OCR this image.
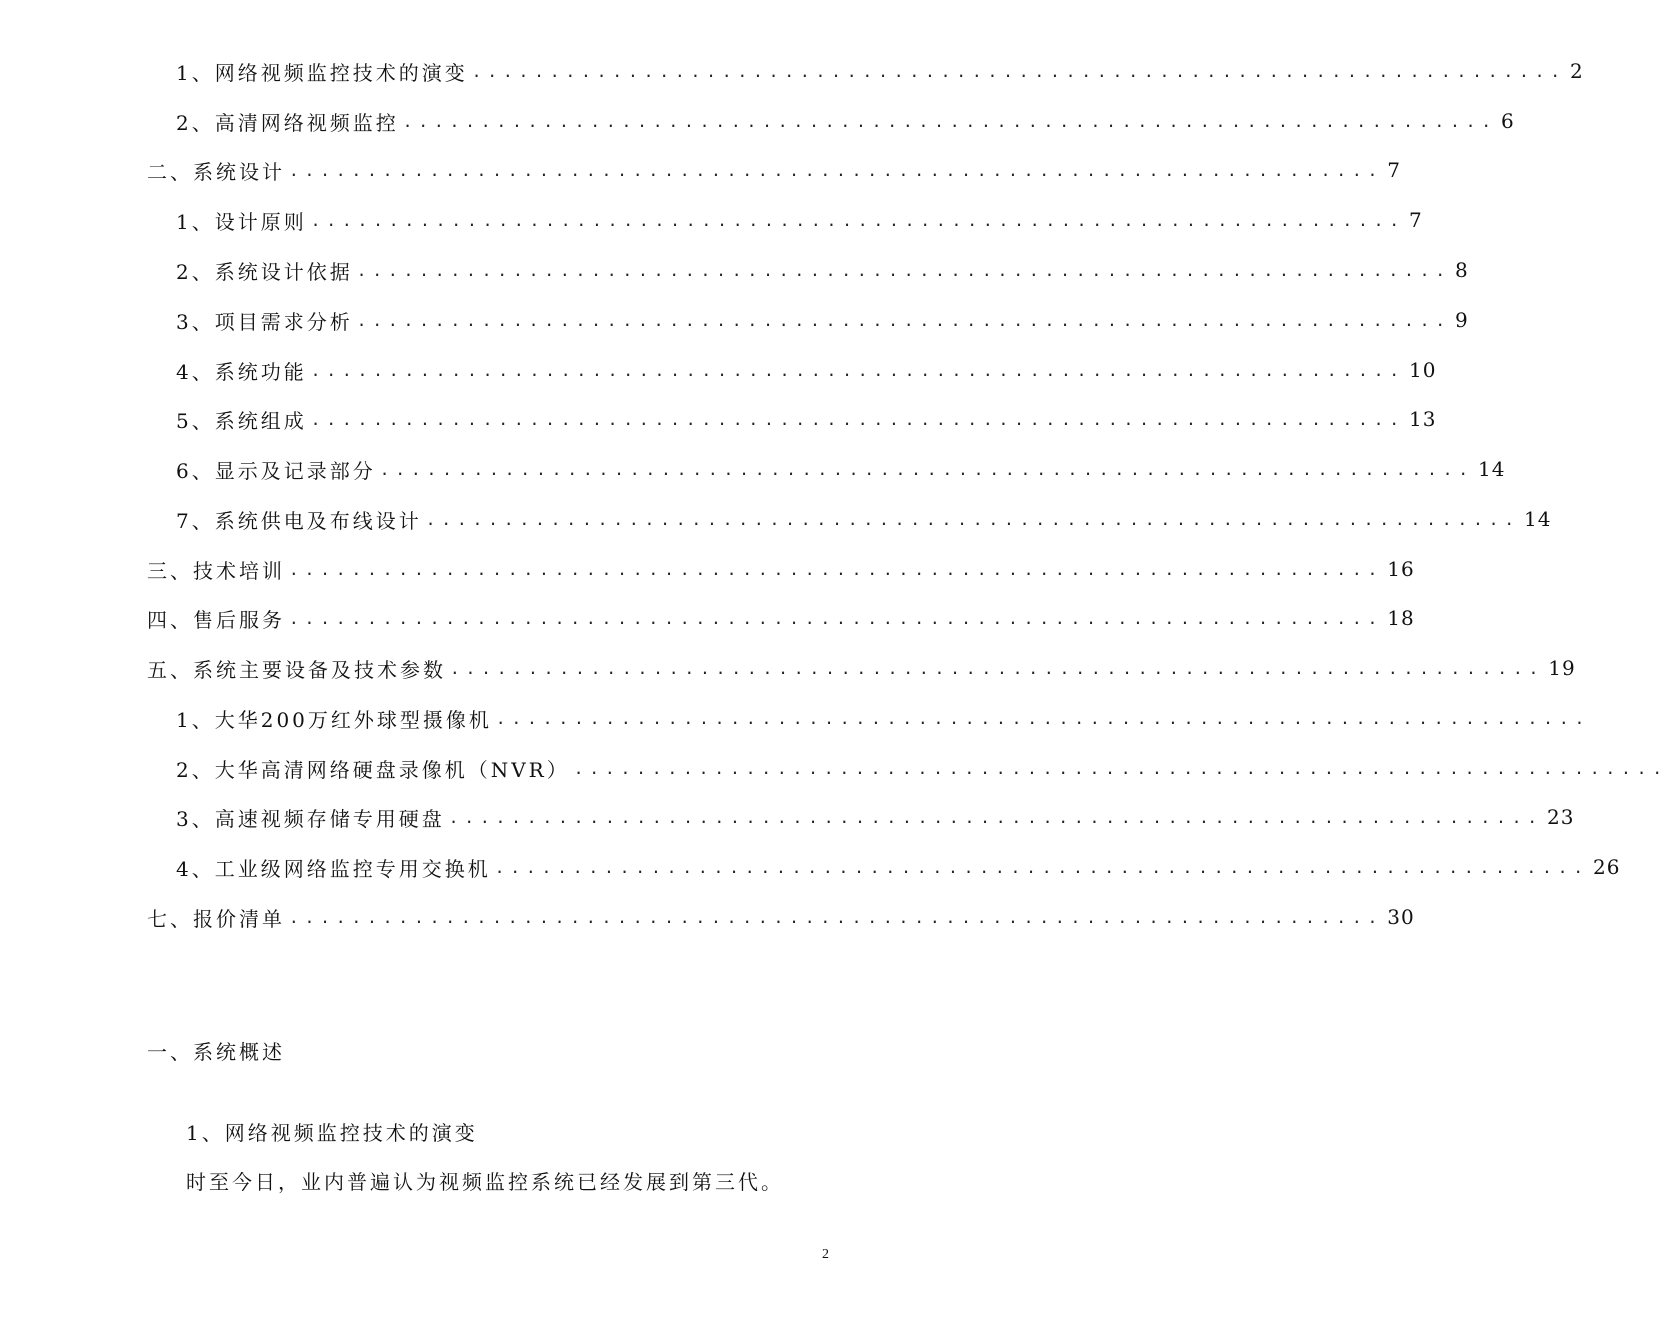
1、网络视频监控技术的演变 ...................................................................... 2
2、高清网络视频监控 ...................................................................... 6
二、系统设计 ...................................................................... 7
1、设计原则 ...................................................................... 7
2、系统设计依据 ...................................................................... 8
3、项目需求分析 ...................................................................... 9
4、系统功能 ...................................................................... 10
5、系统组成 ...................................................................... 13
6、显示及记录部分 ...................................................................... 14
7、系统供电及布线设计 ...................................................................... 14
三、技术培训 ...................................................................... 16
四、售后服务 ...................................................................... 18
五、系统主要设备及技术参数 ...................................................................... 19
1、大华200万红外球型摄像机 ......................................................................
2、大华高清网络硬盘录像机（NVR） ......................................................................
3、高速视频存储专用硬盘 ...................................................................... 23
4、工业级网络监控专用交换机 ...................................................................... 26
七、报价清单 ...................................................................... 30
一、系统概述
1、网络视频监控技术的演变
时至今日，业内普遍认为视频监控系统已经发展到第三代。
2
